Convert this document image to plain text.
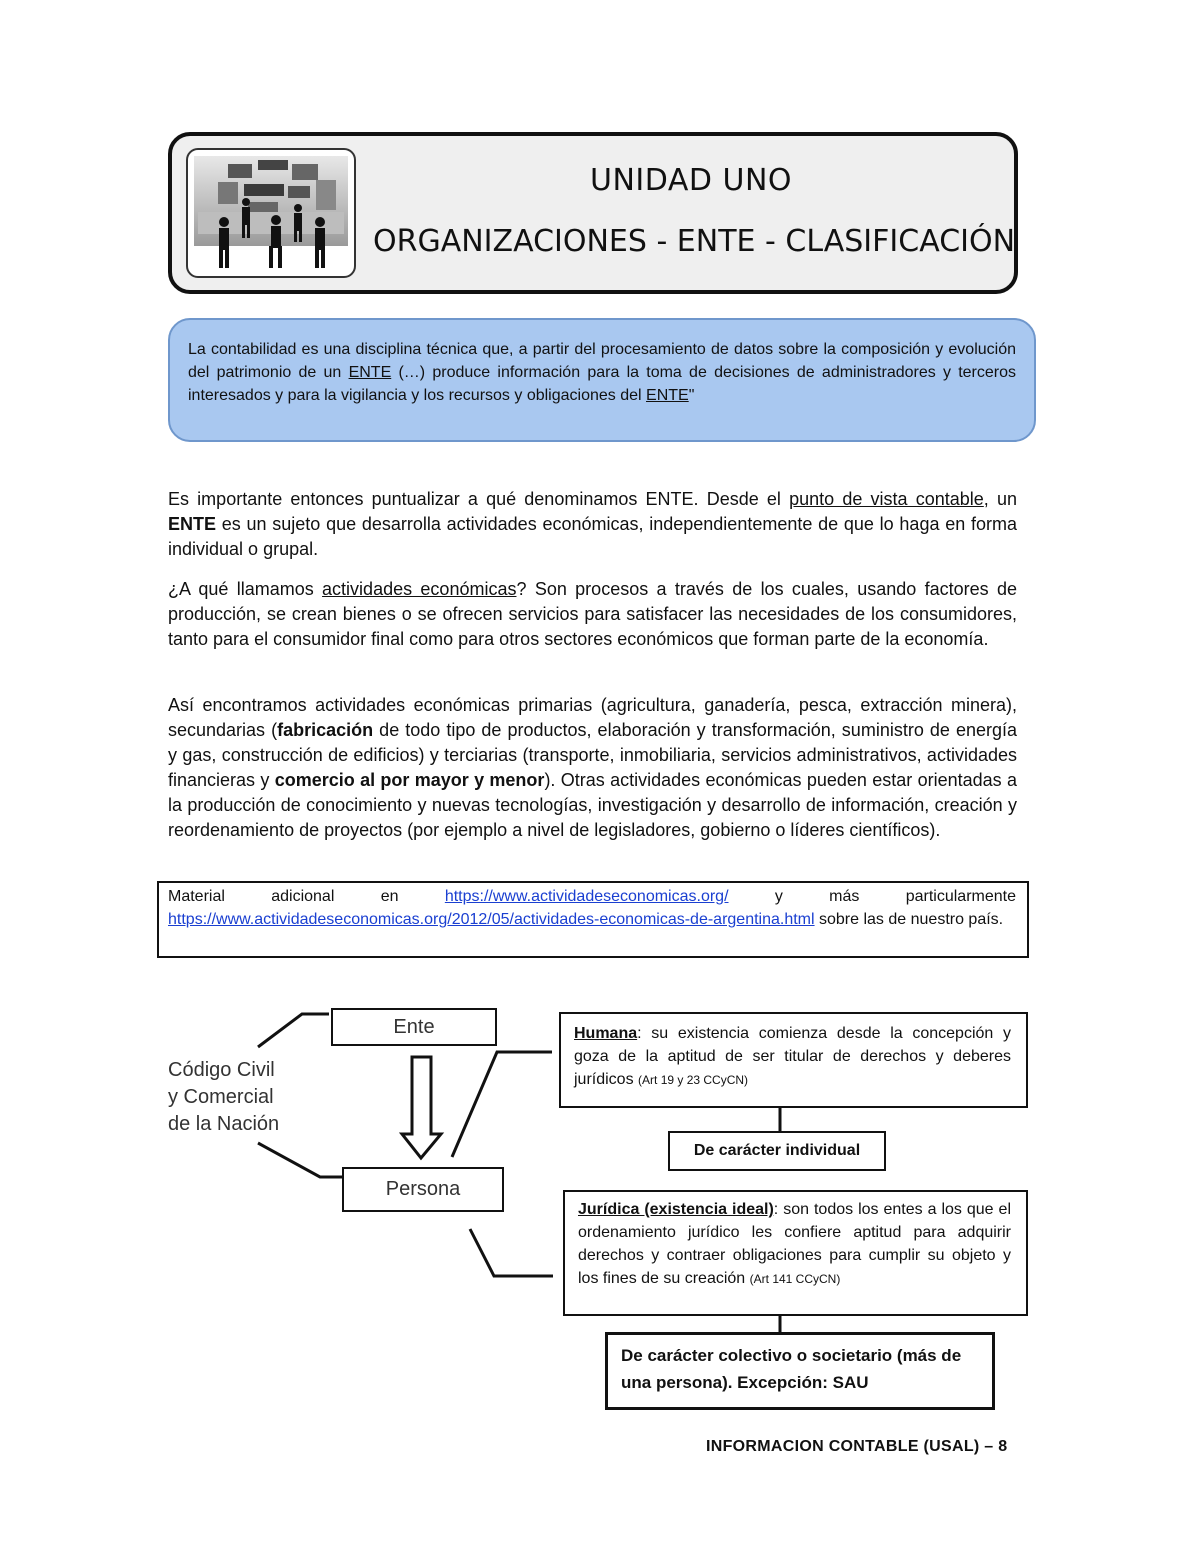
UNIDAD UNO
ORGANIZACIONES - ENTE - CLASIFICACIÓN
La contabilidad es una disciplina técnica que, a partir del procesamiento de datos sobre la composición y evolución del patrimonio de un ENTE (…) produce información para la toma de decisiones de administradores y terceros interesados y para la vigilancia y los recursos y obligaciones del ENTE"
Es importante entonces puntualizar a qué denominamos ENTE. Desde el punto de vista contable, un ENTE es un sujeto que desarrolla actividades económicas, independientemente de que lo haga en forma individual o grupal.
¿A qué llamamos actividades económicas? Son procesos a través de los cuales, usando factores de producción, se crean bienes o se ofrecen servicios para satisfacer las necesidades de los consumidores, tanto para el consumidor final como para otros sectores económicos que forman parte de la economía.
Así encontramos actividades económicas primarias (agricultura, ganadería, pesca, extracción minera), secundarias (fabricación de todo tipo de productos, elaboración y transformación, suministro de energía y gas, construcción de edificios) y terciarias (transporte, inmobiliaria, servicios administrativos, actividades financieras y comercio al por mayor y menor). Otras actividades económicas pueden estar orientadas a la producción de conocimiento y nuevas tecnologías, investigación y desarrollo de información, creación y reordenamiento de proyectos (por ejemplo a nivel de legisladores, gobierno o líderes científicos).
Material adicional en https://www.actividadeseconomicas.org/ y más particularmente https://www.actividadeseconomicas.org/2012/05/actividades-economicas-de-argentina.html sobre las de nuestro país.
Código Civil
y Comercial
de la Nación
Ente
Persona
Humana: su existencia comienza desde la concepción y goza de la aptitud de ser titular de derechos y deberes jurídicos (Art 19 y 23 CCyCN)
De carácter individual
Jurídica (existencia ideal): son todos los entes a los que el ordenamiento jurídico les confiere aptitud para adquirir derechos y contraer obligaciones para cumplir su objeto y los fines de su creación (Art 141 CCyCN)
De carácter colectivo o societario (más de una persona). Excepción: SAU
INFORMACION CONTABLE (USAL) – 8
